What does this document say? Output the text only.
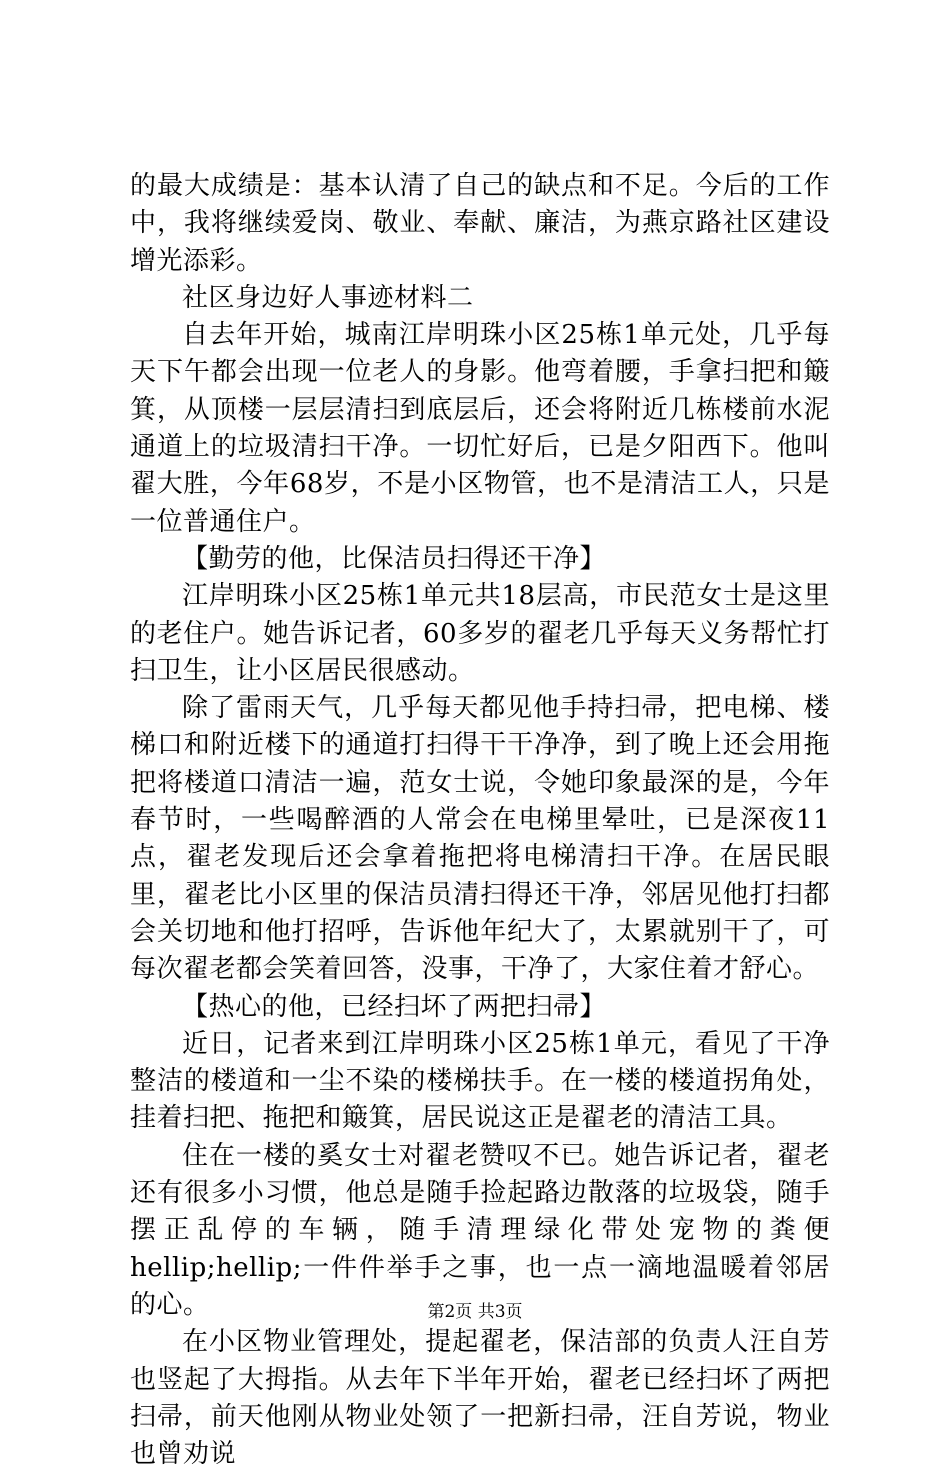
的最大成绩是：基本认清了自己的缺点和不足。今后的工作中，我将继续爱岗、敬业、奉献、廉洁，为燕京路社区建设增光添彩。

社区身边好人事迹材料二

自去年开始，城南江岸明珠小区25栋1单元处，几乎每天下午都会出现一位老人的身影。他弯着腰，手拿扫把和簸箕，从顶楼一层层清扫到底层后，还会将附近几栋楼前水泥通道上的垃圾清扫干净。一切忙好后，已是夕阳西下。他叫翟大胜，今年68岁，不是小区物管，也不是清洁工人，只是一位普通住户。

【勤劳的他，比保洁员扫得还干净】

江岸明珠小区25栋1单元共18层高，市民范女士是这里的老住户。她告诉记者，60多岁的翟老几乎每天义务帮忙打扫卫生，让小区居民很感动。

除了雷雨天气，几乎每天都见他手持扫帚，把电梯、楼梯口和附近楼下的通道打扫得干干净净，到了晚上还会用拖把将楼道口清洁一遍，范女士说，令她印象最深的是，今年春节时，一些喝醉酒的人常会在电梯里晕吐，已是深夜11点，翟老发现后还会拿着拖把将电梯清扫干净。在居民眼里，翟老比小区里的保洁员清扫得还干净，邻居见他打扫都会关切地和他打招呼，告诉他年纪大了，太累就别干了，可每次翟老都会笑着回答，没事，干净了，大家住着才舒心。

【热心的他，已经扫坏了两把扫帚】

近日，记者来到江岸明珠小区25栋1单元，看见了干净整洁的楼道和一尘不染的楼梯扶手。在一楼的楼道拐角处，挂着扫把、拖把和簸箕，居民说这正是翟老的清洁工具。

住在一楼的奚女士对翟老赞叹不已。她告诉记者，翟老还有很多小习惯，他总是随手捡起路边散落的垃圾袋，随手摆正乱停的车辆，随手清理绿化带处宠物的粪便hellip;hellip;一件件举手之事，也一点一滴地温暖着邻居的心。

在小区物业管理处，提起翟老，保洁部的负责人汪自芳也竖起了大拇指。从去年下半年开始，翟老已经扫坏了两把扫帚，前天他刚从物业处领了一把新扫帚，汪自芳说，物业也曾劝说

第2页 共3页
